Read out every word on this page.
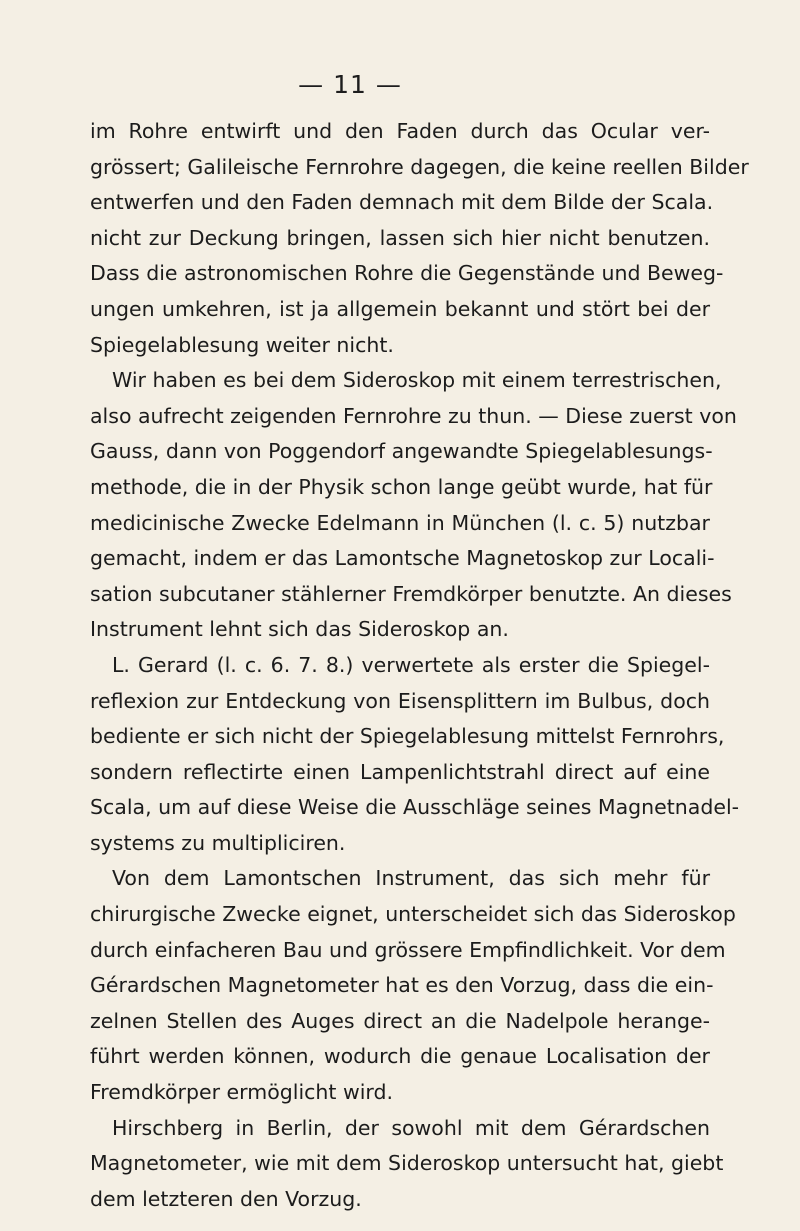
— 11 —

im Rohre entwirft und den Faden durch das Ocular ver-
grössert; Galileische Fernrohre dagegen, die keine reellen Bilder
entwerfen und den Faden demnach mit dem Bilde der Scala.
nicht zur Deckung bringen, lassen sich hier nicht benutzen.
Dass die astronomischen Rohre die Gegenstände und Beweg-
ungen umkehren, ist ja allgemein bekannt und stört bei der
Spiegelablesung weiter nicht.

Wir haben es bei dem Sideroskop mit einem terrestrischen,
also aufrecht zeigenden Fernrohre zu thun. — Diese zuerst von
Gauss, dann von Poggendorf angewandte Spiegelablesungs-
methode, die in der Physik schon lange geübt wurde, hat für
medicinische Zwecke Edelmann in München (l. c. 5) nutzbar
gemacht, indem er das Lamontsche Magnetoskop zur Locali-
sation subcutaner stählerner Fremdkörper benutzte. An dieses
Instrument lehnt sich das Sideroskop an.

L. Gerard (l. c. 6. 7. 8.) verwertete als erster die Spiegel-
reflexion zur Entdeckung von Eisensplittern im Bulbus, doch
bediente er sich nicht der Spiegelablesung mittelst Fernrohrs,
sondern reflectirte einen Lampenlichtstrahl direct auf eine
Scala, um auf diese Weise die Ausschläge seines Magnetnadel-
systems zu multipliciren.

Von dem Lamontschen Instrument, das sich mehr für
chirurgische Zwecke eignet, unterscheidet sich das Sideroskop
durch einfacheren Bau und grössere Empfindlichkeit. Vor dem
Gérardschen Magnetometer hat es den Vorzug, dass die ein-
zelnen Stellen des Auges direct an die Nadelpole herange-
führt werden können, wodurch die genaue Localisation der
Fremdkörper ermöglicht wird.

Hirschberg in Berlin, der sowohl mit dem Gérardschen
Magnetometer, wie mit dem Sideroskop untersucht hat, giebt
dem letzteren den Vorzug.
